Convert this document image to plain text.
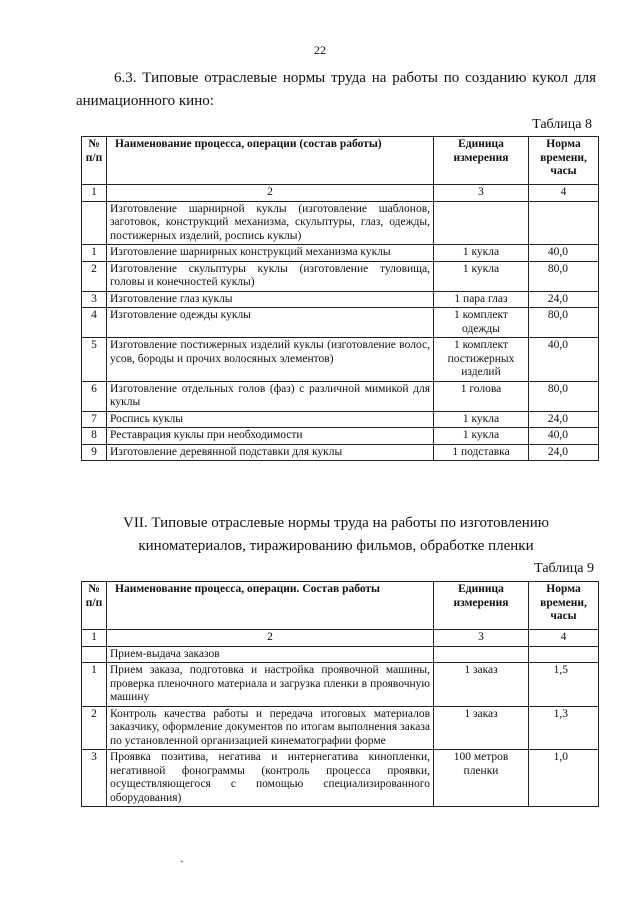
22
6.3. Типовые отраслевые нормы труда на работы по созданию кукол для анимационного кино:
Таблица 8
№ п/п	Наименование процесса, операции (состав работы)	Единица измерения	Норма времени, часы
1	2	3	4
	Изготовление шарнирной куклы (изготовление шаблонов, заготовок, конструкций механизма, скульптуры, глаз, одежды, постижерных изделий, роспись куклы)		
1	Изготовление шарнирных конструкций механизма куклы	1 кукла	40,0
2	Изготовление скульптуры куклы (изготовление туловища, головы и конечностей куклы)	1 кукла	80,0
3	Изготовление глаз куклы	1 пара глаз	24,0
4	Изготовление одежды куклы	1 комплект одежды	80,0
5	Изготовление постижерных изделий куклы (изготовление волос, усов, бороды и прочих волосяных элементов)	1 комплект постижерных изделий	40,0
6	Изготовление отдельных голов (фаз) с различной мимикой для куклы	1 голова	80,0
7	Роспись куклы	1 кукла	24,0
8	Реставрация куклы при необходимости	1 кукла	40,0
9	Изготовление деревянной подставки для куклы	1 подставка	24,0
VII. Типовые отраслевые нормы труда на работы по изготовлению киноматериалов, тиражированию фильмов, обработке пленки
Таблица 9
№ п/п	Наименование процесса, операции. Состав работы	Единица измерения	Норма времени, часы
1	2	3	4
	Прием-выдача заказов		
1	Прием заказа, подготовка и настройка проявочной машины, проверка пленочного материала и загрузка пленки в проявочную машину	1 заказ	1,5
2	Контроль качества работы и передача итоговых материалов заказчику, оформление документов по итогам выполнения заказа по установленной организацией кинематографии форме	1 заказ	1,3
3	Проявка позитива, негатива и интернегатива кинопленки, негативной фонограммы (контроль процесса проявки, осуществляющегося с помощью специализированного оборудования)	100 метров пленки	1,0
`
